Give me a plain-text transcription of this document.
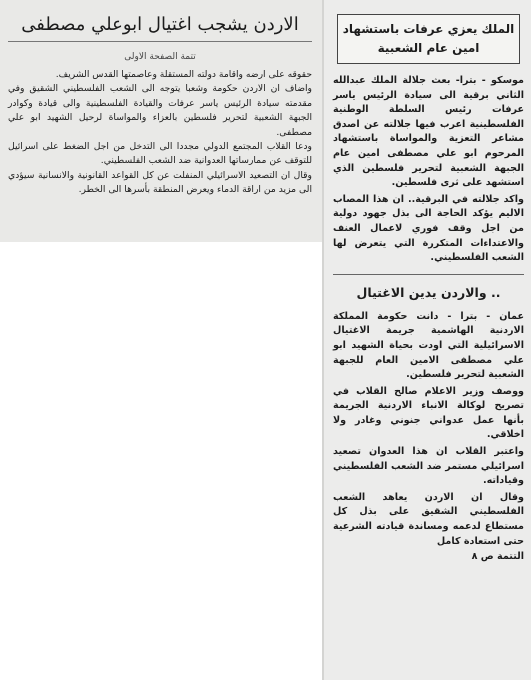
الاردن يشجب اغتيال ابوعلي مصطفى

تتمة الصفحة الاولى

حقوقه على ارضه واقامة دولته المستقلة وعاصمتها القدس الشريف.

واضاف ان الاردن حكومة وشعبا يتوجه الى الشعب الفلسطيني الشقيق وفي مقدمته سيادة الرئيس ياسر عرفات والقيادة الفلسطينية والى قيادة وكوادر الجبهة الشعبية لتحرير فلسطين بالعزاء والمواساة لرحيل الشهيد ابو علي مصطفى.

ودعا القلاب المجتمع الدولي مجددا الى التدخل من اجل الضغط على اسرائيل للتوقف عن ممارساتها العدوانية ضد الشعب الفلسطيني.

وقال ان التصعيد الاسرائيلي المنفلت عن كل القواعد القانونية والانسانية سيؤدي الى مزيد من اراقة الدماء ويعرض المنطقة بأسرها الى الخطر.

الملك يعزي عرفات باستشهاد امين عام الشعبية

موسكو - بترا- بعث جلالة الملك عبدالله الثاني برقية الى سيادة الرئيس ياسر عرفات رئيس السلطة الوطنية الفلسطينية اعرب فيها جلالته عن اصدق مشاعر التعزية والمواساة باستشهاد المرحوم ابو علي مصطفى امين عام الجبهة الشعبية لتحرير فلسطين الذي استشهد على ثرى فلسطين.

واكد جلالته في البرقية.. ان هذا المصاب الاليم يؤكد الحاجة الى بذل جهود دولية من اجل وقف فوري لاعمال العنف والاعتداءات المتكررة التي يتعرض لها الشعب الفلسطيني.

.. والاردن يدين الاغتيال

عمان - بترا - دانت حكومة المملكة الاردنية الهاشمية جريمة الاغتيال الاسرائيلية التي اودت بحياة الشهيد ابو علي مصطفى الامين العام للجبهة الشعبية لتحرير فلسطين.

ووصف وزير الاعلام صالح القلاب في تصريح لوكالة الانباء الاردنية الجريمة بأنها عمل عدواني جنوني وغادر ولا اخلاقي.

واعتبر القلاب ان هذا العدوان تصعيد اسرائيلي مستمر ضد الشعب الفلسطيني وقياداته.

وقال ان الاردن يعاهد الشعب الفلسطيني الشقيق على بذل كل مستطاع لدعمه ومساندة قيادته الشرعية حتى استعادة كامل

التتمة ص ٨
